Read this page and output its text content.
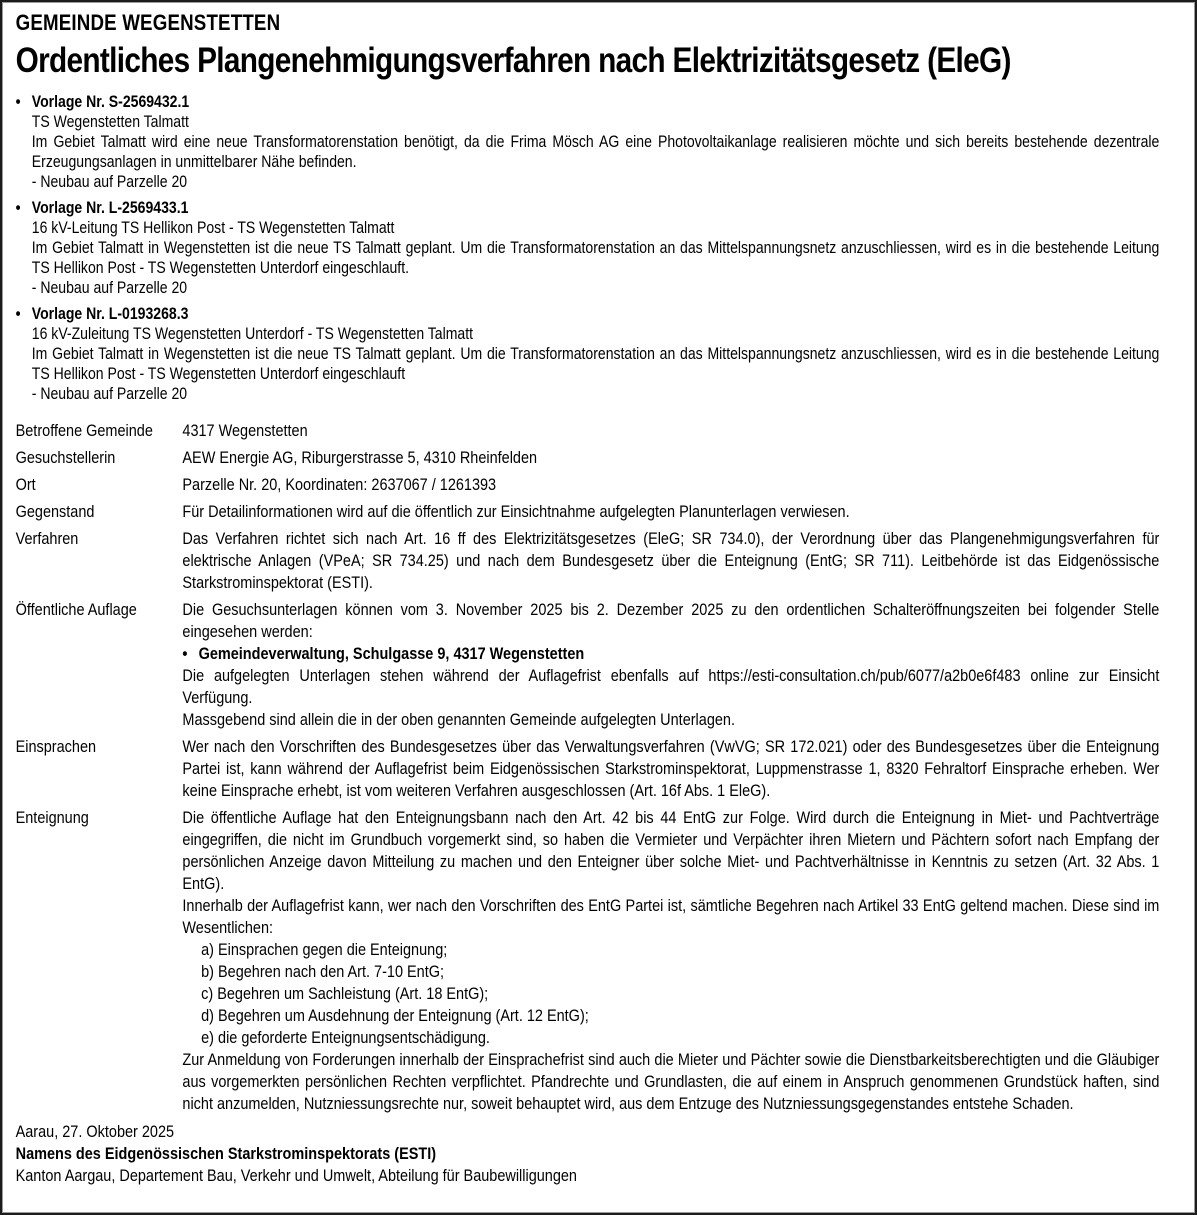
GEMEINDE WEGENSTETTEN
Ordentliches Plangenehmigungsverfahren nach Elektrizitätsgesetz (EleG)
• Vorlage Nr. S-2569432.1
TS Wegenstetten Talmatt
Im Gebiet Talmatt wird eine neue Transformatorenstation benötigt, da die Frima Mösch AG eine Photovoltaikanlage realisieren möchte und sich bereits bestehende dezentrale Erzeugungsanlagen in unmittelbarer Nähe befinden.
- Neubau auf Parzelle 20
• Vorlage Nr. L-2569433.1
16 kV-Leitung TS Hellikon Post - TS Wegenstetten Talmatt
Im Gebiet Talmatt in Wegenstetten ist die neue TS Talmatt geplant. Um die Transformatorenstation an das Mittelspannungsnetz anzuschliessen, wird es in die bestehende Leitung TS Hellikon Post - TS Wegenstetten Unterdorf eingeschlauft.
- Neubau auf Parzelle 20
• Vorlage Nr. L-0193268.3
16 kV-Zuleitung TS Wegenstetten Unterdorf - TS Wegenstetten Talmatt
Im Gebiet Talmatt in Wegenstetten ist die neue TS Talmatt geplant. Um die Transformatorenstation an das Mittelspannungsnetz anzuschliessen, wird es in die bestehende Leitung TS Hellikon Post - TS Wegenstetten Unterdorf eingeschlauft
- Neubau auf Parzelle 20
Betroffene Gemeinde	4317 Wegenstetten
Gesuchstellerin	AEW Energie AG, Riburgerstrasse 5, 4310 Rheinfelden
Ort	Parzelle Nr. 20, Koordinaten: 2637067 / 1261393
Gegenstand	Für Detailinformationen wird auf die öffentlich zur Einsichtnahme aufgelegten Planunterlagen verwiesen.
Verfahren	Das Verfahren richtet sich nach Art. 16 ff des Elektrizitätsgesetzes (EleG; SR 734.0), der Verordnung über das Plangenehmigungsverfahren für elektrische Anlagen (VPeA; SR 734.25) und nach dem Bundesgesetz über die Enteignung (EntG; SR 711). Leitbehörde ist das Eidgenössische Starkstrominspektorat (ESTI).

Öffentliche Auflage	Die Gesuchsunterlagen können vom 3. November 2025 bis 2. Dezember 2025 zu den ordentlichen Schalteröffnungszeiten bei folgender Stelle eingesehen werden:

• Gemeindeverwaltung, Schulgasse 9, 4317 Wegenstetten

Die aufgelegten Unterlagen stehen während der Auflagefrist ebenfalls auf https://esti-consultation.ch/pub/6077/a2b0e6f483 online zur Einsicht Verfügung.

Massgebend sind allein die in der oben genannten Gemeinde aufgelegten Unterlagen.

Einsprachen	Wer nach den Vorschriften des Bundesgesetzes über das Verwaltungsverfahren (VwVG; SR 172.021) oder des Bundesgesetzes über die Enteignung Partei ist, kann während der Auflagefrist beim Eidgenössischen Starkstrominspektorat, Luppmenstrasse 1, 8320 Fehraltorf Einsprache erheben. Wer keine Einsprache erhebt, ist vom weiteren Verfahren ausgeschlossen (Art. 16f Abs. 1 EleG).

Enteignung	Die öffentliche Auflage hat den Enteignungsbann nach den Art. 42 bis 44 EntG zur Folge. Wird durch die Enteignung in Miet- und Pachtverträge eingegriffen, die nicht im Grundbuch vorgemerkt sind, so haben die Vermieter und Verpächter ihren Mietern und Pächtern sofort nach Empfang der persönlichen Anzeige davon Mitteilung zu machen und den Enteigner über solche Miet- und Pachtverhältnisse in Kenntnis zu setzen (Art. 32 Abs. 1 EntG).

Innerhalb der Auflagefrist kann, wer nach den Vorschriften des EntG Partei ist, sämtliche Begehren nach Artikel 33 EntG geltend machen. Diese sind im Wesentlichen:

a) Einsprachen gegen die Enteignung;
b) Begehren nach den Art. 7-10 EntG;
c) Begehren um Sachleistung (Art. 18 EntG);
d) Begehren um Ausdehnung der Enteignung (Art. 12 EntG);
e) die geforderte Enteignungsentschädigung.

Zur Anmeldung von Forderungen innerhalb der Einsprachefrist sind auch die Mieter und Pächter sowie die Dienstbarkeitsberechtigten und die Gläubiger aus vorgemerkten persönlichen Rechten verpflichtet. Pfandrechte und Grundlasten, die auf einem in Anspruch genommenen Grundstück haften, sind nicht anzumelden, Nutzniessungsrechte nur, soweit behauptet wird, aus dem Entzuge des Nutzniessungsgegenstandes entstehe Schaden.

Aarau, 27. Oktober 2025
Namens des Eidgenössischen Starkstrominspektorats (ESTI)
Kanton Aargau, Departement Bau, Verkehr und Umwelt, Abteilung für Baubewilligungen
